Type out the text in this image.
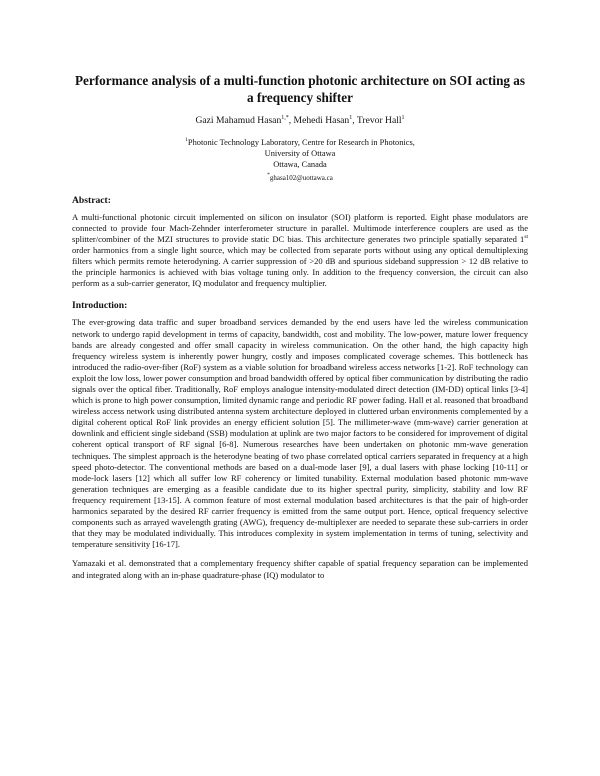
Performance analysis of a multi-function photonic architecture on SOI acting as a frequency shifter
Gazi Mahamud Hasan$^{1,*}$, Mehedi Hasan$^1$, Trevor Hall$^1$
$^1$Photonic Technology Laboratory, Centre for Research in Photonics,
University of Ottawa
Ottawa, Canada
*ghasa102@uottawa.ca
Abstract:

A multi-functional photonic circuit implemented on silicon on insulator (SOI) platform is reported. Eight phase modulators are connected to provide four Mach-Zehnder interferometer structure in parallel. Multimode interference couplers are used as the splitter/combiner of the MZI structures to provide static DC bias. This architecture generates two principle spatially separated 1st order harmonics from a single light source, which may be collected from separate ports without using any optical demultiplexing filters which permits remote heterodyning. A carrier suppression of >20 dB and spurious sideband suppression > 12 dB relative to the principle harmonics is achieved with bias voltage tuning only. In addition to the frequency conversion, the circuit can also perform as a sub-carrier generator, IQ modulator and frequency multiplier.

Introduction:

The ever-growing data traffic and super broadband services demanded by the end users have led the wireless communication network to undergo rapid development in terms of capacity, bandwidth, cost and mobility. The low-power, mature lower frequency bands are already congested and offer small capacity in wireless communication. On the other hand, the high capacity high frequency wireless system is inherently power hungry, costly and imposes complicated coverage schemes. This bottleneck has introduced the radio-over-fiber (RoF) system as a viable solution for broadband wireless access networks [1-2]. RoF technology can exploit the low loss, lower power consumption and broad bandwidth offered by optical fiber communication by distributing the radio signals over the optical fiber. Traditionally, RoF employs analogue intensity-modulated direct detection (IM-DD) optical links [3-4] which is prone to high power consumption, limited dynamic range and periodic RF power fading. Hall et al. reasoned that broadband wireless access network using distributed antenna system architecture deployed in cluttered urban environments complemented by a digital coherent optical RoF link provides an energy efficient solution [5]. The millimeter-wave (mm-wave) carrier generation at downlink and efficient single sideband (SSB) modulation at uplink are two major factors to be considered for improvement of digital coherent optical transport of RF signal [6-8]. Numerous researches have been undertaken on photonic mm-wave generation techniques. The simplest approach is the heterodyne beating of two phase correlated optical carriers separated in frequency at a high speed photo-detector. The conventional methods are based on a dual-mode laser [9], a dual lasers with phase locking [10-11] or mode-lock lasers [12] which all suffer low RF coherency or limited tunability. External modulation based photonic mm-wave generation techniques are emerging as a feasible candidate due to its higher spectral purity, simplicity, stability and low RF frequency requirement [13-15]. A common feature of most external modulation based architectures is that the pair of high-order harmonics separated by the desired RF carrier frequency is emitted from the same output port. Hence, optical frequency selective components such as arrayed wavelength grating (AWG), frequency de-multiplexer are needed to separate these sub-carriers in order that they may be modulated individually. This introduces complexity in system implementation in terms of tuning, selectivity and temperature sensitivity [16-17].

Yamazaki et al. demonstrated that a complementary frequency shifter capable of spatial frequency separation can be implemented and integrated along with an in-phase quadrature-phase (IQ) modulator to
